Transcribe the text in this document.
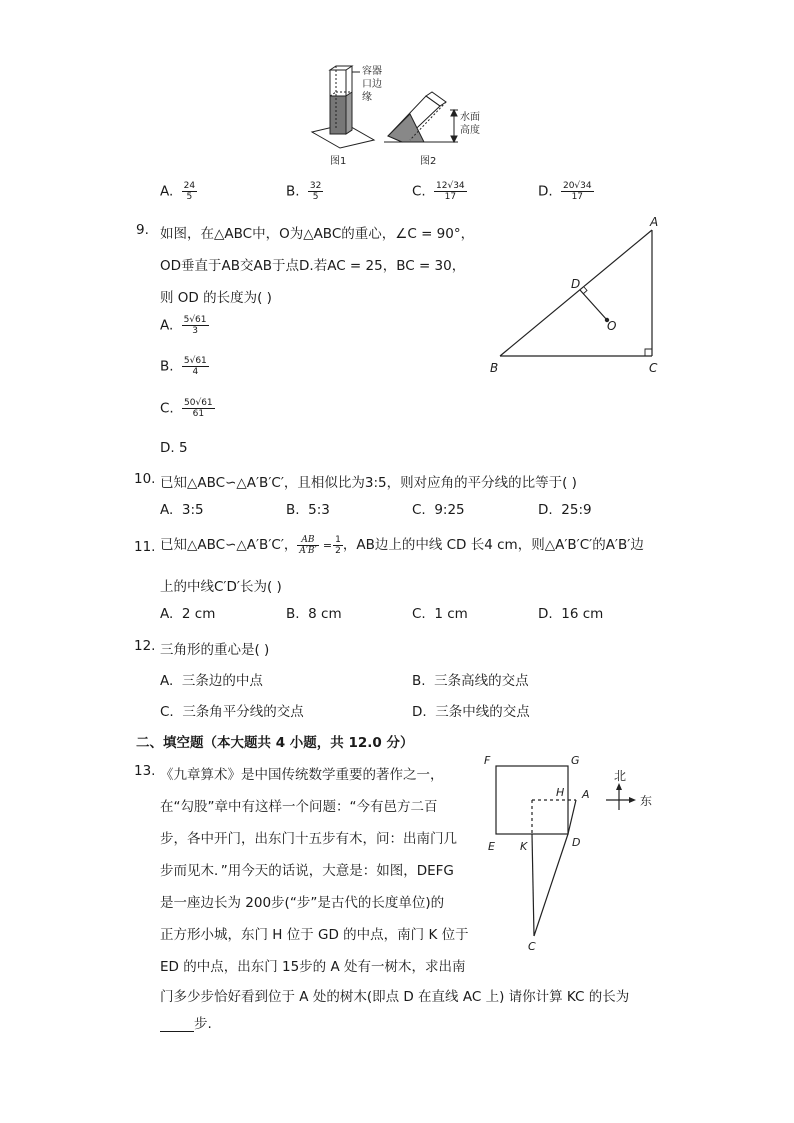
容器
口边
缘
图1
水面
高度
图2
A. $\frac{24}{5}$	B. $\frac{32}{5}$	C. $\frac{12√34}{17}$	D. $\frac{20√34}{17}$
9. 如图，在△ABC中，O为△ABC的重心，∠C = 90°，
OD垂直于AB交AB于点D.若AC = 25，BC = 30，
则 OD 的长度为( )
A. $\frac{5√61}{3}$
B. $\frac{5√61}{4}$
C. $\frac{50√61}{61}$
D. 5
A
B	C
D
O
10. 已知△ABC∽△A′B′C′，且相似比为3:5，则对应角的平分线的比等于( )
A. 3:5	B. 5:3	C. 9:25	D. 25:9
11. 已知△ABC∽△A′B′C′， $\frac{AB}{A'B'} = \frac{1}{2}$ ，AB边上的中线 CD 长4 cm，则△A′B′C′的A′B′边
上的中线C′D′长为( )
A. 2 cm	B. 8 cm	C. 1 cm	D. 16 cm
12. 三角形的重心是( )
A. 三条边的中点	B. 三条高线的交点
C. 三条角平分线的交点	D. 三条中线的交点
二、填空题（本大题共 4 小题，共 12.0 分）
13. 《九章算术》是中国传统数学重要的著作之一，
在“勾股”章中有这样一个问题：“今有邑方二百
步，各中开门，出东门十五步有木，问：出南门几
步而见木．”用今天的话说，大意是：如图，DEFG
是一座边长为 200步(“步”是古代的长度单位)的
正方形小城，东门 H 位于 GD 的中点，南门 K 位于
ED 的中点，出东门 15步的 A 处有一树木，求出南
门多少步恰好看到位于 A 处的树木(即点 D 在直线 AC 上) 请你计算 KC 的长为
步.
F	G
H A
E K	D
C
北
东
